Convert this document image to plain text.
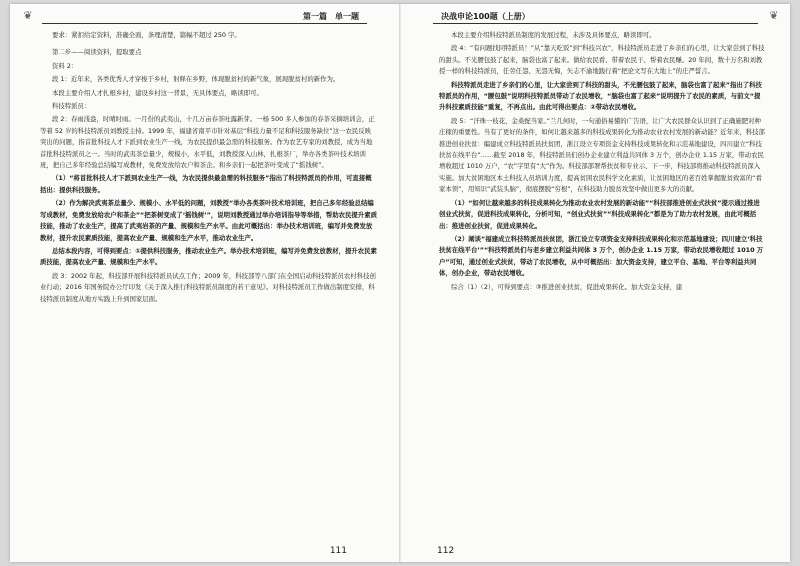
❦	第一篇　单一题

要求：紧扣给定资料，准确全面，条理清楚，篇幅不超过 250 字。

第二步——阅读资料，提取要点

资料 2：

段 1：近年来，各类优秀人才穿梭于乡村，射释在乡野，体现脱贫村的新气象，展现脱贫村的新作为。

本段主要介绍人才扎根乡村，建设乡村这一背景，无具体要点，略读即可。

科技特派员：

段 2：春雨浅盎，时晴时雨。一月份的武夷山，十几万亩春茶吐露新芽。一杨 500 多人参加的春茶采摘培训会，正等着 52 岁的科技特派员刘教授主持。1999 年，福建省南平市针对基层“科技力量不足和科技服务缺位”这一农民反映突出的问题，指首批科技人才下派到农业生产一线，为农民提供最急需的科技服务。作为农艺专家的刘教授，成为当地首批科技特派员之一。当时的武夷茶总量少，规模小，水平低，刘教授深入山林，扎根茶厂，举办各类茶叶技术培训班，把自己多年经验总结编写成教材，免费发放给农户和茶企。和乡亲们一起把茶叶变成了“摇钱树”。

（1）“将首批科技人才下派到农业生产一线，为农民提供最急需的科技服务”指出了科技特派员的作用，可直接概括出：提供科技服务。

（2）作为解决武夷茶总量少、规模小、水平低的问题，刘教授“举办各类茶叶技术培训班，把自己多年经验总结编写成教材，免费发放给农户和茶企”“把茶树变成了‘摇钱树’”，说明刘教授通过举办培训指导等举措，帮助农民提升素质技能，推动了农业生产，提高了武夷岩茶的产量、规模和生产水平。由此可概括出：举办技术培训班，编写并免费发放教材，提升农民素质技能，提高农业产量、规模和生产水平，推动农业生产。

总结本段内容，可得到要点：①提供科技服务，推动农业生产。举办技术培训班，编写并免费发放教材，提升农民素质技能，提高农业产量、规模和生产水平。

段 3：2002 年起，科技部开展科技特派员试点工作；2009 年，科技部等八部门在全国启动科技特派员农村科技创业行动；2016 年国务院办公厅印发《关于深入推行科技特派员制度的若干意见》。对科技特派员工作做出制度安排，科技特派员制度从地方实践上升到国家层面。

111
❦
决战申论100题（上册）

本段主要介绍科技特派员制度的发展过程，未涉及具体要点，略读即可。

段 4：“有问题找同特派员！”从“靠天吃饭”到“科技兴农”，科技特派员走进了乡亲们的心里，让大家尝到了科技的甜头。不光腰包鼓了起来，脑袋也富了起来。做给农民看、带着农民干、帮着农民赚。20 年间，数十万名和刘教授一样的科技特派员，任劳任怨、无怨无悔，矢志不渝地践行着“把论文写在大地上”的庄严誓言。

科技特派员走进了乡亲们的心里，让大家尝到了科技的甜头，不光腰包鼓了起来，脑袋也富了起来”指出了科技特派员的作用，“腰包鼓”说明科技特派员带动了农民增收，“脑袋也富了起来”说明提升了农民的素质，与前文“提升科技素质技能”重复，不再点出。由此可得出要点：②带动农民增收。

段 5：“汗珠一枝花，金桑配当家。”兰几何时，一句通俗易懂的广告语，让广大农民群众认识到了正确施肥对种庄稼的重要性。当有了更好的条件，如何让越来越多的科技成果转化为推动农业农村发展的新动能？近年来，科技部推进创业扶贫：编建成立科技特派员扶贫团，浙江设立专项资金支持科技成果转化和示范基地建设，四川建立“科技扶贫在线平台”……截至 2018 年，科技特派员们创办企业建立利益共同体 3 万个，创办企业 1.15 万家，带动农民增收超过 1010 万户，“农”字里有“大”作为。科技部部署帮扶贫和专业示、下一步，科技部将推动科技特派员深入实施。加大贫困地区本土科技人员培训力度，提高贫困农民科学文化素质，让贫困地区的老百姓掌握脱贫致富的“看家本领”，用知识“武装头脑”，彻底摆脱“穷根”，在科技助力脱贫攻坚中做出更多大的贡献。

（1）“如何让越来越多的科技成果转化为推动农业农村发展的新动能”“科技部推进创业式扶贫”提示通过推进创业式扶贫，促进科技成果转化，分析可知，“创业式扶贫”“科技成果转化”都是为了助力农村发展，由此可概括出：推进创业扶贫，促进成果转化。

（2）阐谈“福建成立科技特派员扶贫团，浙江设立专项资金支持科技成果转化和示范基地建设；四川建立‘科技扶贫在线平台’”“科技特派员们与老乡建立利益共同体 3 万个，创办企业 1.15 万家，带动农民增收超过 1010 万户”可知，通过创业式扶贫，带动了农民增收，从中可概括出：加大资金支持，建立平台、基地、平台等利益共同体，创办企业，带动农民增收。

综合（1）（2），可得到要点：③推进创业扶贫，促进成果转化。加大资金支持，建

112
